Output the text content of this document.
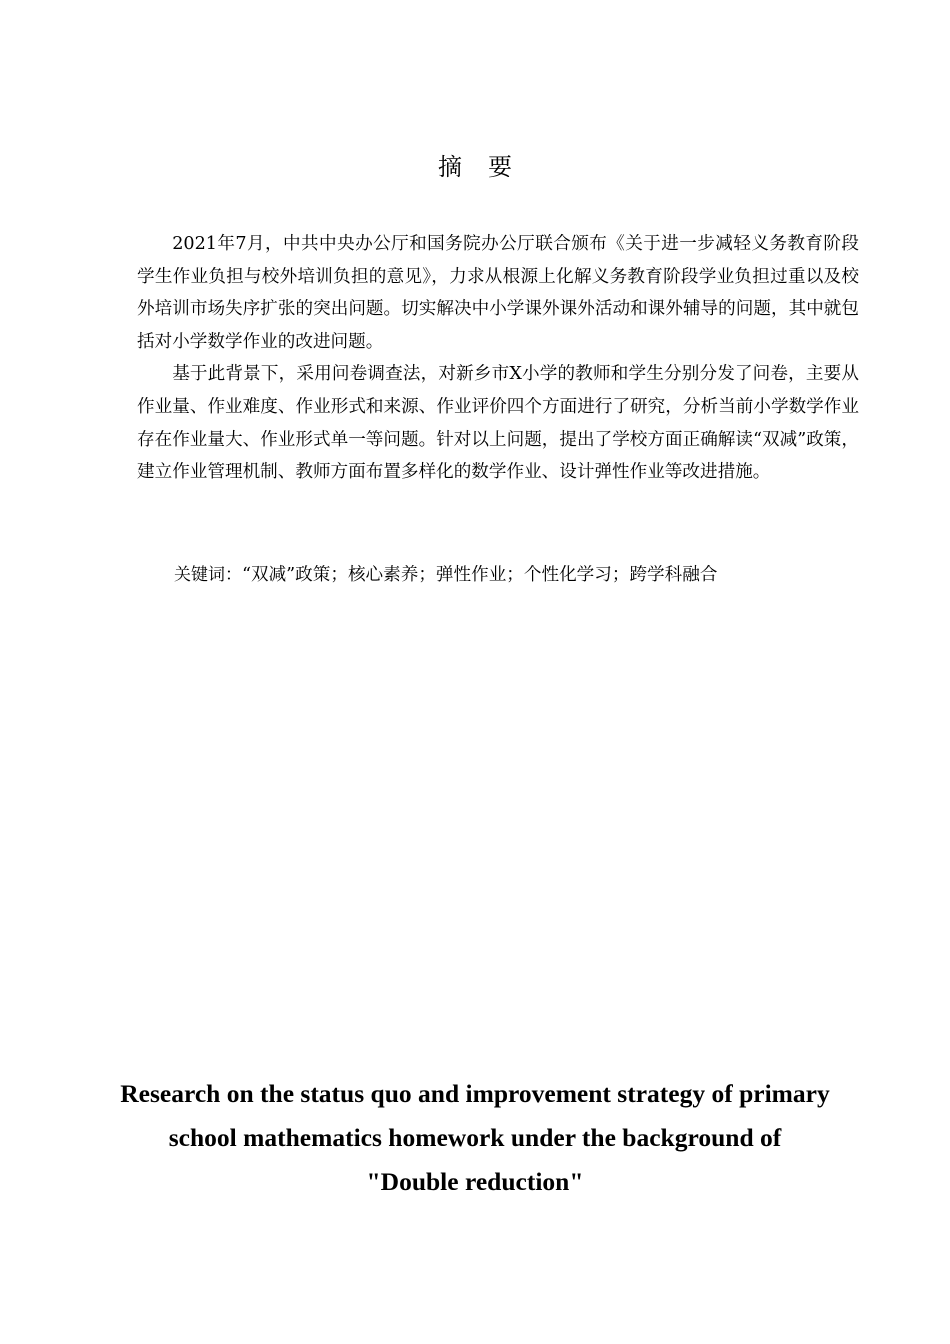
摘要

2021年7月，中共中央办公厅和国务院办公厅联合颁布《关于进一步减轻义务教育阶段学生作业负担与校外培训负担的意见》，力求从根源上化解义务教育阶段学业负担过重以及校外培训市场失序扩张的突出问题。切实解决中小学课外课外活动和课外辅导的问题，其中就包括对小学数学作业的改进问题。

基于此背景下，采用问卷调查法，对新乡市X小学的教师和学生分别分发了问卷，主要从作业量、作业难度、作业形式和来源、作业评价四个方面进行了研究，分析当前小学数学作业存在作业量大、作业形式单一等问题。针对以上问题，提出了学校方面正确解读“双减”政策，建立作业管理机制、教师方面布置多样化的数学作业、设计弹性作业等改进措施。

关键词：“双减”政策；核心素养；弹性作业；个性化学习；跨学科融合
Research on the status quo and improvement strategy of primary school mathematics homework under the background of "Double reduction"
